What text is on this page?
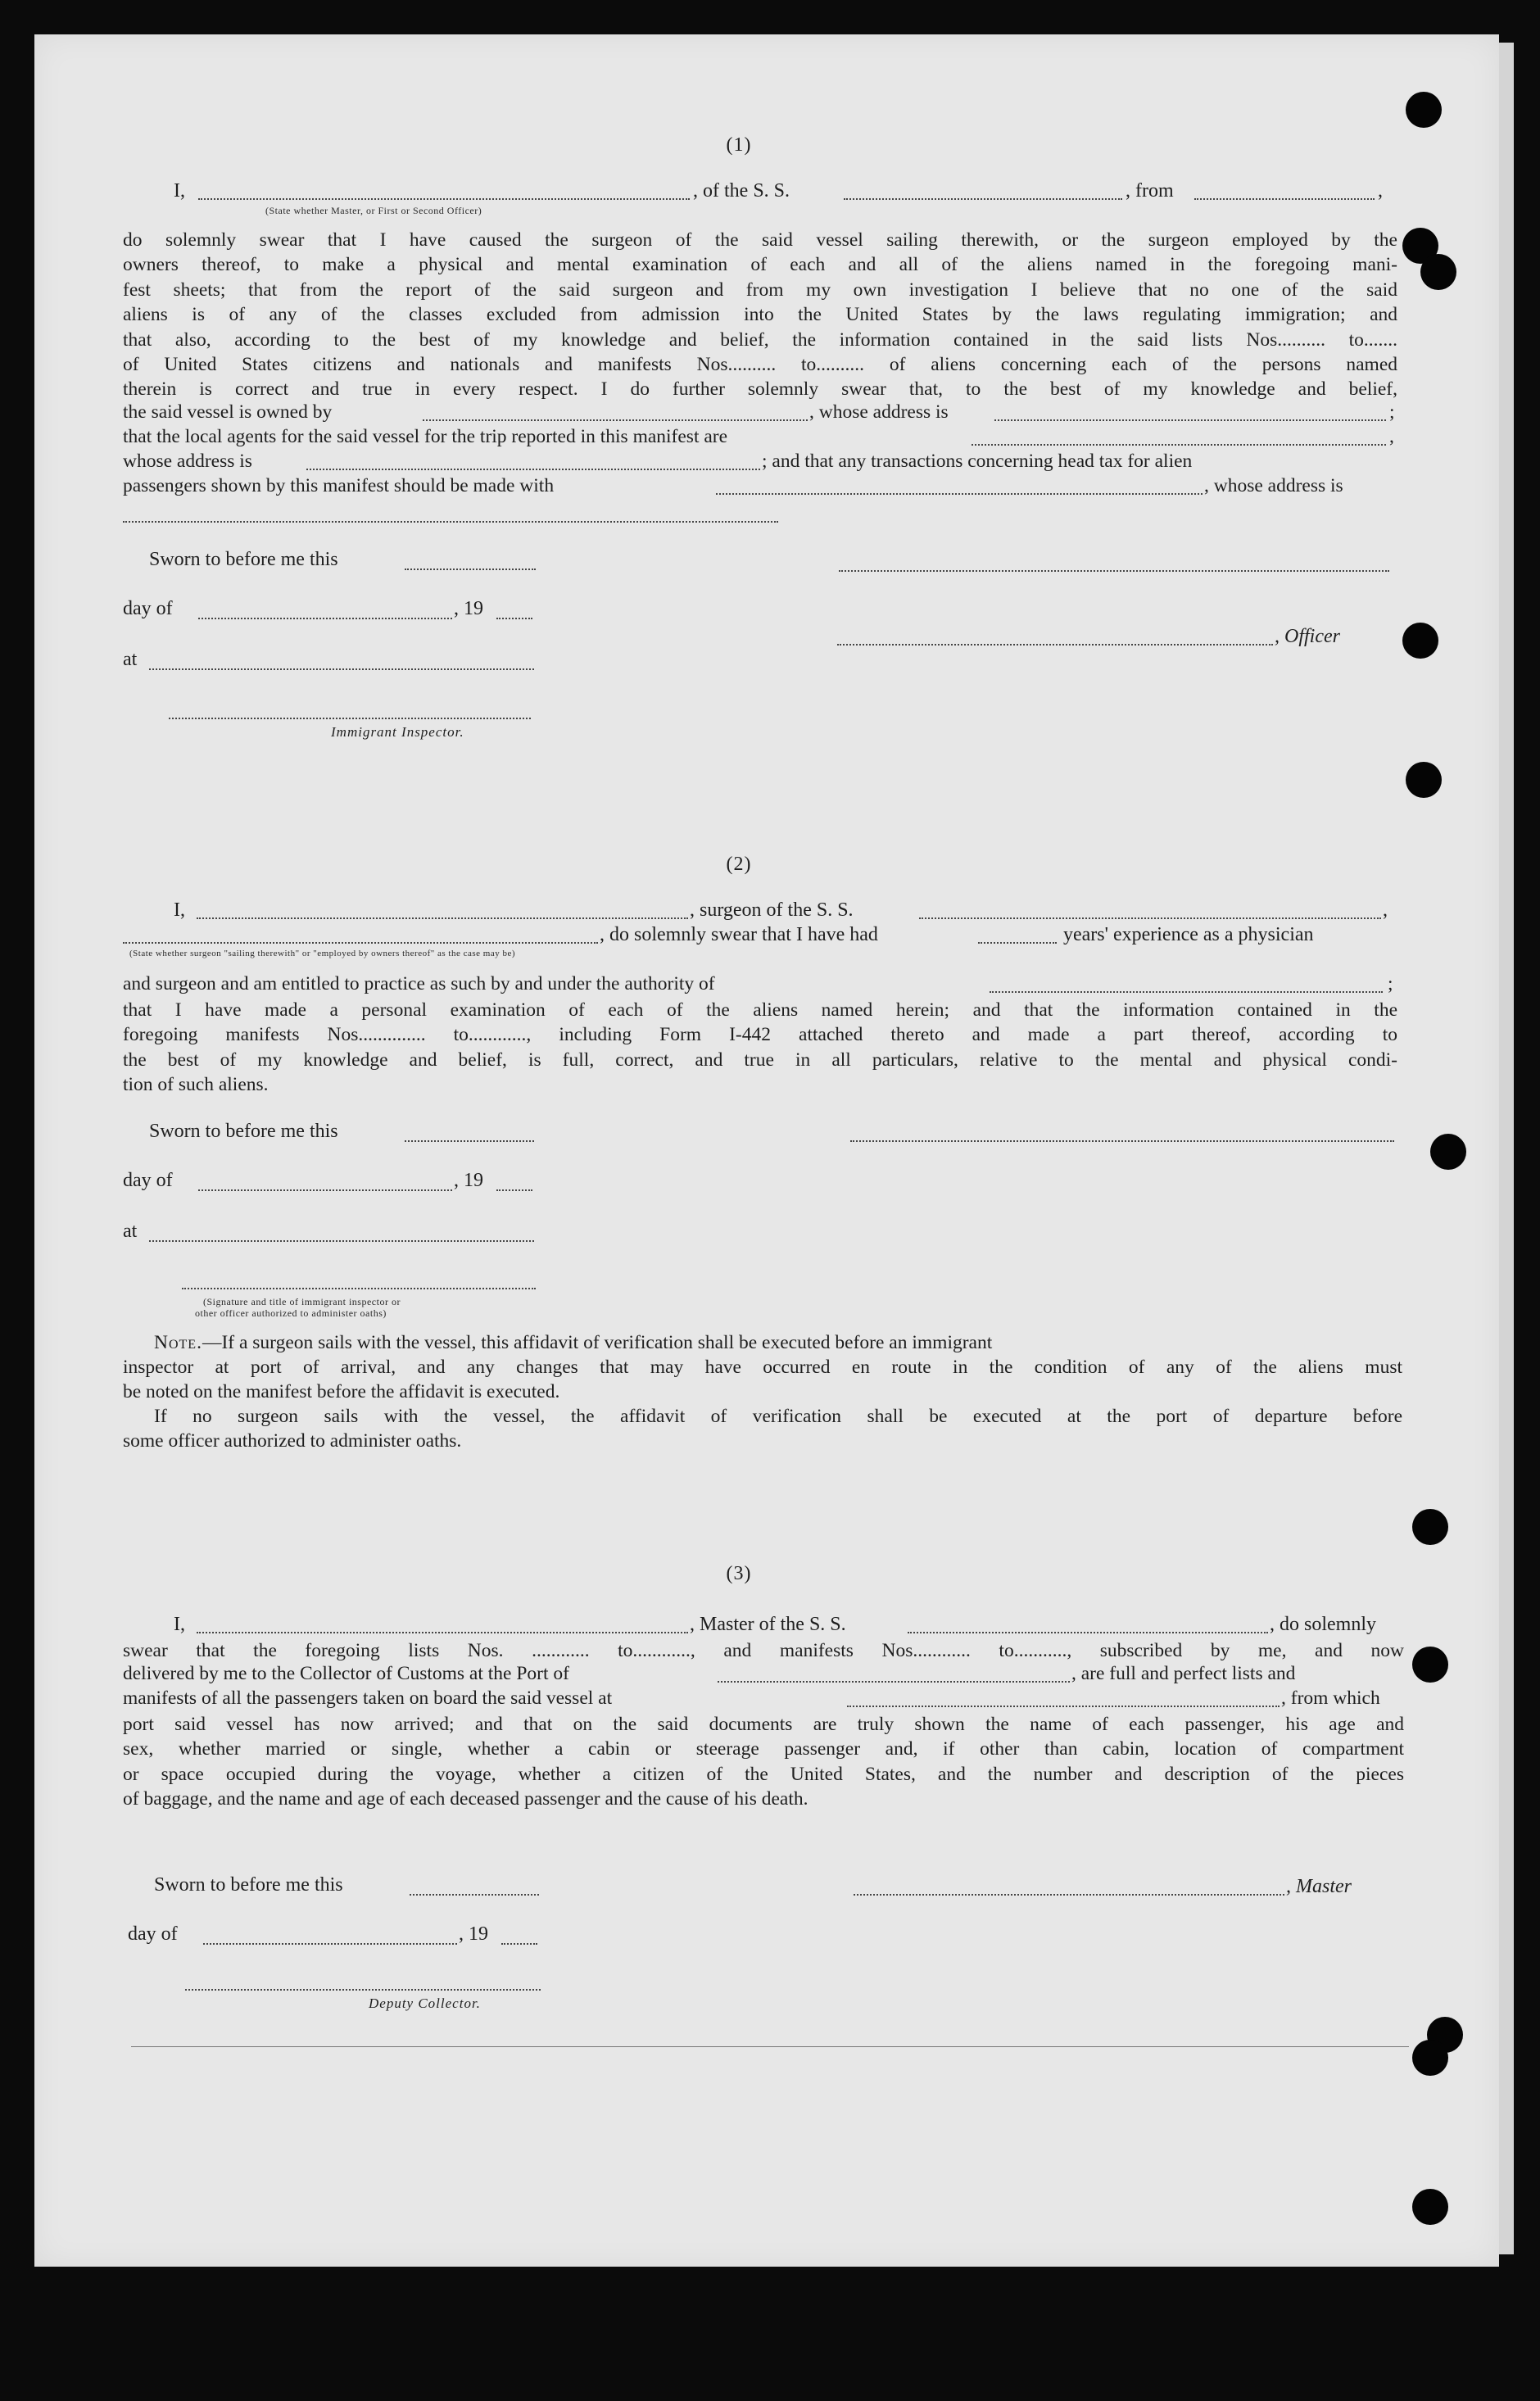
(1)
I,	, of the S. S.	, from	,
(State whether Master, or First or Second Officer)
do solemnly swear that I have caused the surgeon of the said vessel sailing therewith, or the surgeon employed by the
owners thereof, to make a physical and mental examination of each and all of the aliens named in the foregoing mani-
fest sheets; that from the report of the said surgeon and from my own investigation I believe that no one of the said
aliens is of any of the classes excluded from admission into the United States by the laws regulating immigration; and
that also, according to the best of my knowledge and belief, the information contained in the said lists Nos.......... to.......
of United States citizens and nationals and manifests Nos.......... to.......... of aliens concerning each of the persons named
therein is correct and true in every respect. I do further solemnly swear that, to the best of my knowledge and belief,
the said vessel is owned by	, whose address is	;
that the local agents for the said vessel for the trip reported in this manifest are	,
whose address is	; and that any transactions concerning head tax for alien
passengers shown by this manifest should be made with	, whose address is
Sworn to before me this
day of	, 19
, Officer
at
Immigrant Inspector.
(2)
I,	, surgeon of the S. S.	,
, do solemnly swear that I have had	years' experience as a physician
(State whether surgeon "sailing therewith" or "employed by owners thereof" as the case may be)
and surgeon and am entitled to practice as such by and under the authority of	;
that I have made a personal examination of each of the aliens named herein; and that the information contained in the
foregoing manifests Nos.............. to............, including Form I-442 attached thereto and made a part thereof, according to
the best of my knowledge and belief, is full, correct, and true in all particulars, relative to the mental and physical condi-
tion of such aliens.
Sworn to before me this
day of	, 19
at
(Signature and title of immigrant inspector or
other officer authorized to administer oaths)

Note.—If a surgeon sails with the vessel, this affidavit of verification shall be executed before an immigrant

inspector at port of arrival, and any changes that may have occurred en route in the condition of any of the aliens must

be noted on the manifest before the affidavit is executed.

If no surgeon sails with the vessel, the affidavit of verification shall be executed at the port of departure before

some officer authorized to administer oaths.

(3)
I,	, Master of the S. S.	, do solemnly
swear that the foregoing lists Nos. ............ to............, and manifests Nos............ to..........., subscribed by me, and now
delivered by me to the Collector of Customs at the Port of	, are full and perfect lists and
manifests of all the passengers taken on board the said vessel at	, from which
port said vessel has now arrived; and that on the said documents are truly shown the name of each passenger, his age and
sex, whether married or single, whether a cabin or steerage passenger and, if other than cabin, location of compartment
or space occupied during the voyage, whether a citizen of the United States, and the number and description of the pieces
of baggage, and the name and age of each deceased passenger and the cause of his death.
Sworn to before me this	, Master
day of	, 19
Deputy Collector.
